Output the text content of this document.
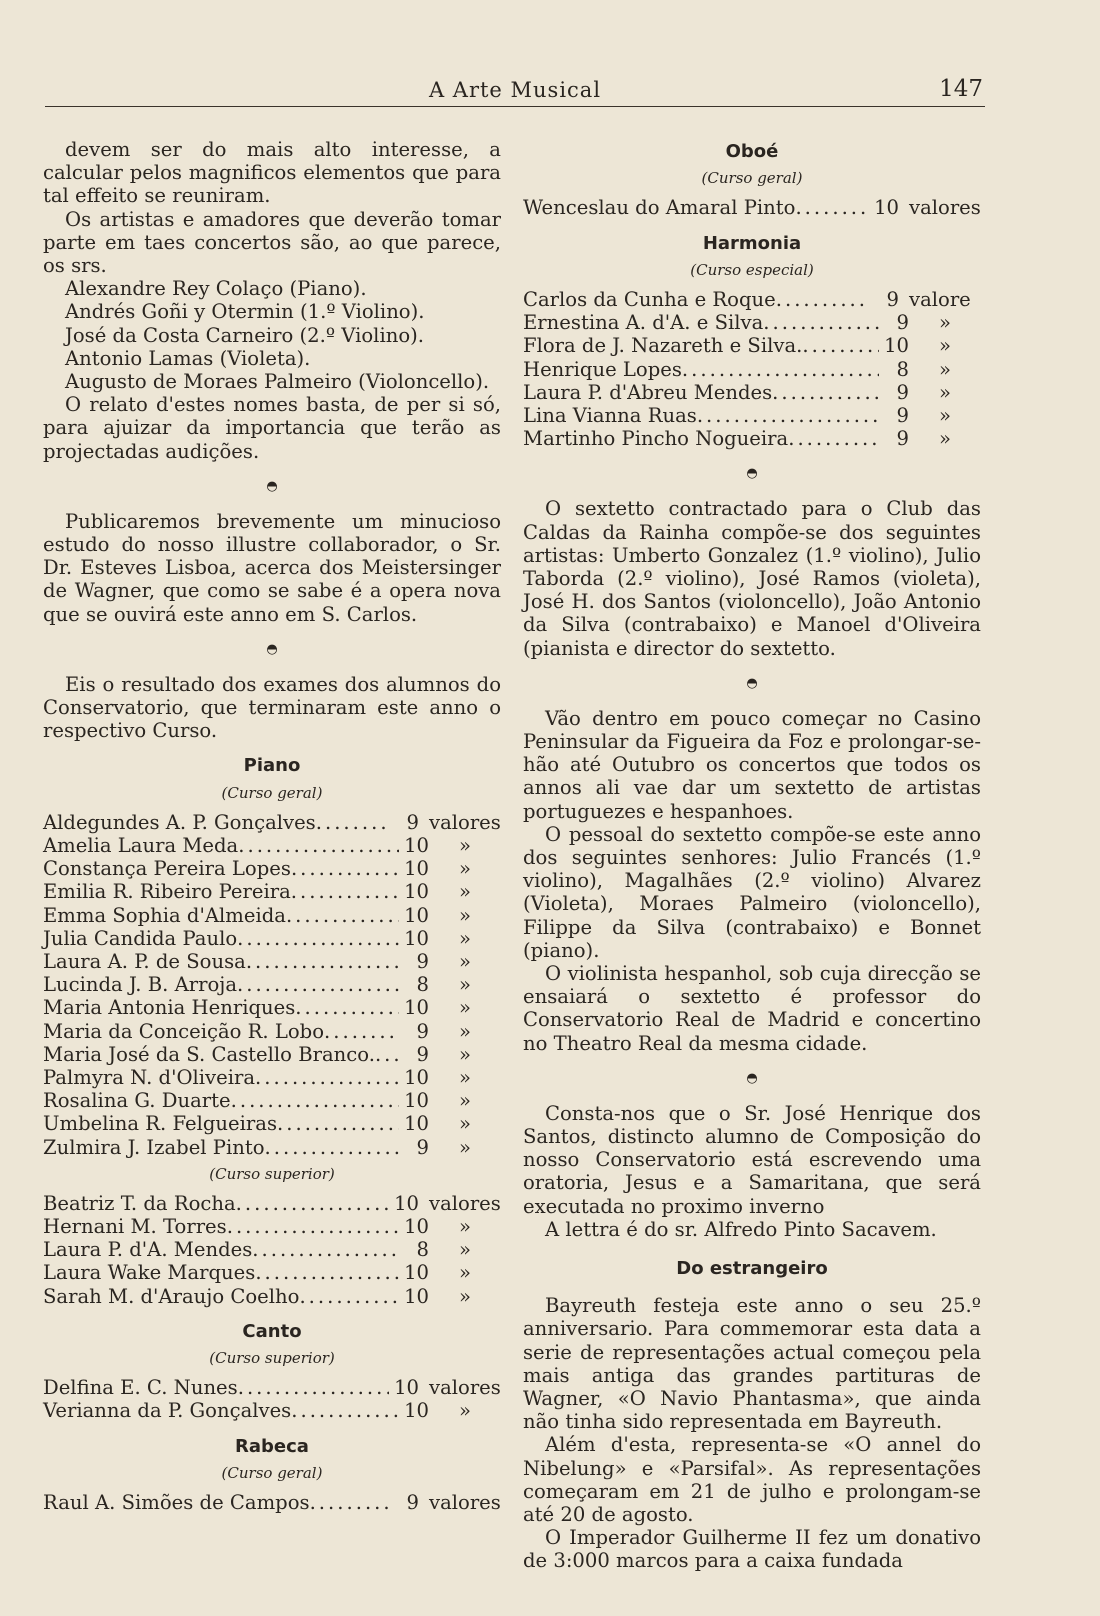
A Arte Musical	147

devem ser do mais alto interesse, a calcular pelos magnificos elementos que para tal effeito se reuniram.

Os artistas e amadores que deverão tomar parte em taes concertos são, ao que parece, os srs.

Alexandre Rey Colaço (Piano).
Andrés Goñi y Otermin (1.º Violino).
José da Costa Carneiro (2.º Violino).
Antonio Lamas (Violeta).
Augusto de Moraes Palmeiro (Violoncello).

O relato d'estes nomes basta, de per si só, para ajuizar da importancia que terão as projectadas audições.

◓

Publicaremos brevemente um minucioso estudo do nosso illustre collaborador, o Sr. Dr. Esteves Lisboa, acerca dos Meistersinger de Wagner, que como se sabe é a opera nova que se ouvirá este anno em S. Carlos.

◓

Eis o resultado dos exames dos alumnos do Conservatorio, que terminaram este anno o respectivo Curso.

Piano
(Curso geral)
Aldegundes A. P. Gonçalves .....	9 valores
Amelia Laura Meda .....	10	»
Constança Pereira Lopes .....	10	»
Emilia R. Ribeiro Pereira .....	10	»
Emma Sophia d'Almeida .....	10	»
Julia Candida Paulo .....	10	»
Laura A. P. de Sousa .....	9	»
Lucinda J. B. Arroja .....	8	»
Maria Antonia Henriques .....	10	»
Maria da Conceição R. Lobo .....	9	»
Maria José da S. Castello Branco. .....	9	»
Palmyra N. d'Oliveira .....	10	»
Rosalina G. Duarte .....	10	»
Umbelina R. Felgueiras .....	10	»
Zulmira J. Izabel Pinto .....	9	»
(Curso superior)
Beatriz T. da Rocha .....	10 valores
Hernani M. Torres .....	10	»
Laura P. d'A. Mendes .....	8	»
Laura Wake Marques .....	10	»
Sarah M. d'Araujo Coelho .....	10	»
Canto
(Curso superior)
Delfina E. C. Nunes .....	10 valores
Verianna da P. Gonçalves .....	10	»
Rabeca
(Curso geral)
Raul A. Simões de Campos .....	9 valores
Oboé
(Curso geral)
Wenceslau do Amaral Pinto .....	10 valores
Harmonia
(Curso especial)
Carlos da Cunha e Roque .....	9 valore
Ernestina A. d'A. e Silva .....	9	»
Flora de J. Nazareth e Silva. .....	10	»
Henrique Lopes .....	8	»
Laura P. d'Abreu Mendes .....	9	»
Lina Vianna Ruas .....	9	»
Martinho Pincho Nogueira .....	9	»
◓

O sextetto contractado para o Club das Caldas da Rainha compõe-se dos seguintes artistas: Umberto Gonzalez (1.º violino), Julio Taborda (2.º violino), José Ramos (violeta), José H. dos Santos (violoncello), João Antonio da Silva (contrabaixo) e Manoel d'Oliveira (pianista e director do sextetto.

◓

Vão dentro em pouco começar no Casino Peninsular da Figueira da Foz e prolongar-se-hão até Outubro os concertos que todos os annos ali vae dar um sextetto de artistas portuguezes e hespanhoes.

O pessoal do sextetto compõe-se este anno dos seguintes senhores: Julio Francés (1.º violino), Magalhães (2.º violino) Alvarez (Violeta), Moraes Palmeiro (violoncello), Filippe da Silva (contrabaixo) e Bonnet (piano).

O violinista hespanhol, sob cuja direcção se ensaiará o sextetto é professor do Conservatorio Real de Madrid e concertino no Theatro Real da mesma cidade.

◓

Consta-nos que o Sr. José Henrique dos Santos, distincto alumno de Composição do nosso Conservatorio está escrevendo uma oratoria, Jesus e a Samaritana, que será executada no proximo inverno

A lettra é do sr. Alfredo Pinto Sacavem.

Do estrangeiro

Bayreuth festeja este anno o seu 25.º anniversario. Para commemorar esta data a serie de representações actual começou pela mais antiga das grandes partituras de Wagner, «O Navio Phantasma», que ainda não tinha sido representada em Bayreuth.

Além d'esta, representa-se «O annel do Nibelung» e «Parsifal». As representações começaram em 21 de julho e prolongam-se até 20 de agosto.

O Imperador Guilherme II fez um donativo de 3:000 marcos para a caixa fundada
